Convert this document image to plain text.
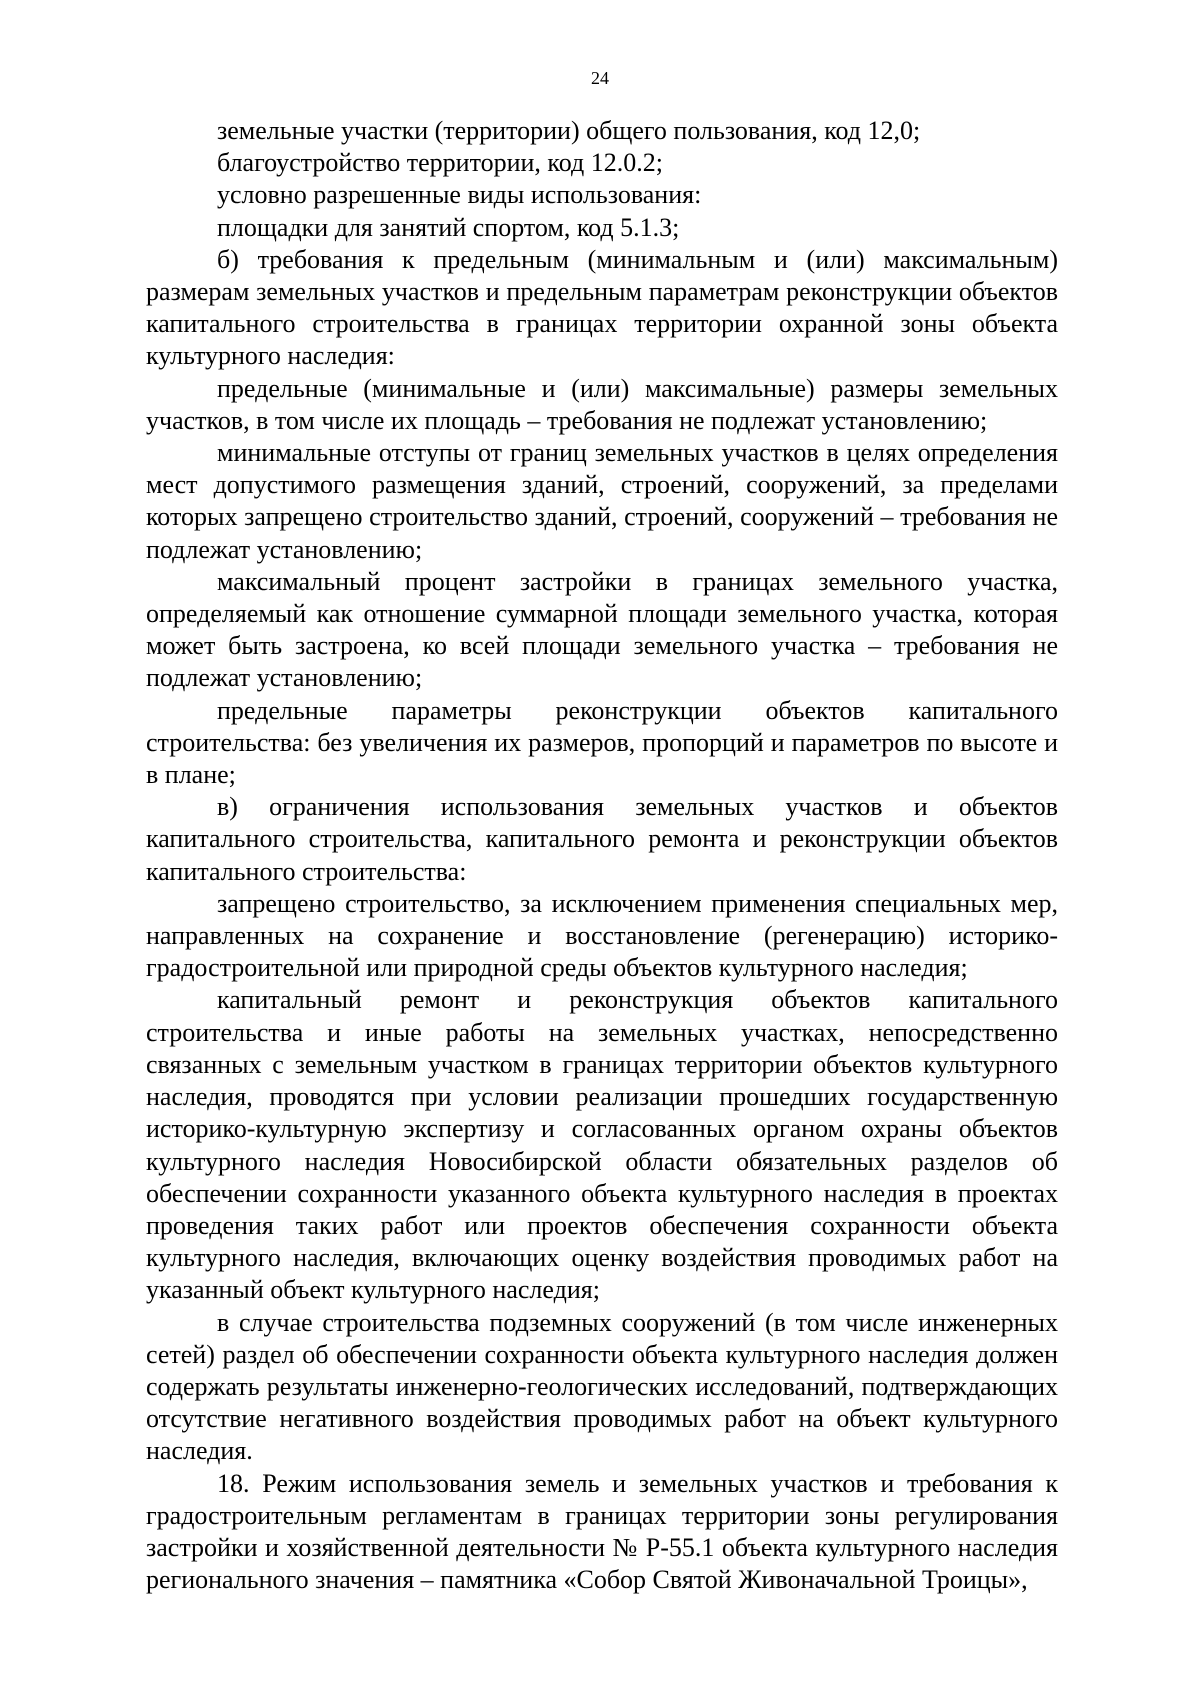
24

земельные участки (территории) общего пользования, код 12,0;

благоустройство территории, код 12.0.2;

условно разрешенные виды использования:

площадки для занятий спортом, код 5.1.3;

б) требования к предельным (минимальным и (или) максимальным) размерам земельных участков и предельным параметрам реконструкции объектов капитального строительства в границах территории охранной зоны объекта культурного наследия:

предельные (минимальные и (или) максимальные) размеры земельных участков, в том числе их площадь – требования не подлежат установлению;

минимальные отступы от границ земельных участков в целях определения мест допустимого размещения зданий, строений, сооружений, за пределами которых запрещено строительство зданий, строений, сооружений – требования не подлежат установлению;

максимальный процент застройки в границах земельного участка, определяемый как отношение суммарной площади земельного участка, которая может быть застроена, ко всей площади земельного участка – требования не подлежат установлению;

предельные параметры реконструкции объектов капитального строительства: без увеличения их размеров, пропорций и параметров по высоте и в плане;

в) ограничения использования земельных участков и объектов капитального строительства, капитального ремонта и реконструкции объектов капитального строительства:

запрещено строительство, за исключением применения специальных мер, направленных на сохранение и восстановление (регенерацию) историко-градостроительной или природной среды объектов культурного наследия;

капитальный ремонт и реконструкция объектов капитального строительства и иные работы на земельных участках, непосредственно связанных с земельным участком в границах территории объектов культурного наследия, проводятся при условии реализации прошедших государственную историко-культурную экспертизу и согласованных органом охраны объектов культурного наследия Новосибирской области обязательных разделов об обеспечении сохранности указанного объекта культурного наследия в проектах проведения таких работ или проектов обеспечения сохранности объекта культурного наследия, включающих оценку воздействия проводимых работ на указанный объект культурного наследия;

в случае строительства подземных сооружений (в том числе инженерных сетей) раздел об обеспечении сохранности объекта культурного наследия должен содержать результаты инженерно-геологических исследований, подтверждающих отсутствие негативного воздействия проводимых работ на объект культурного наследия.

18. Режим использования земель и земельных участков и требования к градостроительным регламентам в границах территории зоны регулирования застройки и хозяйственной деятельности № Р-55.1 объекта культурного наследия регионального значения – памятника «Собор Святой Живоначальной Троицы»,
